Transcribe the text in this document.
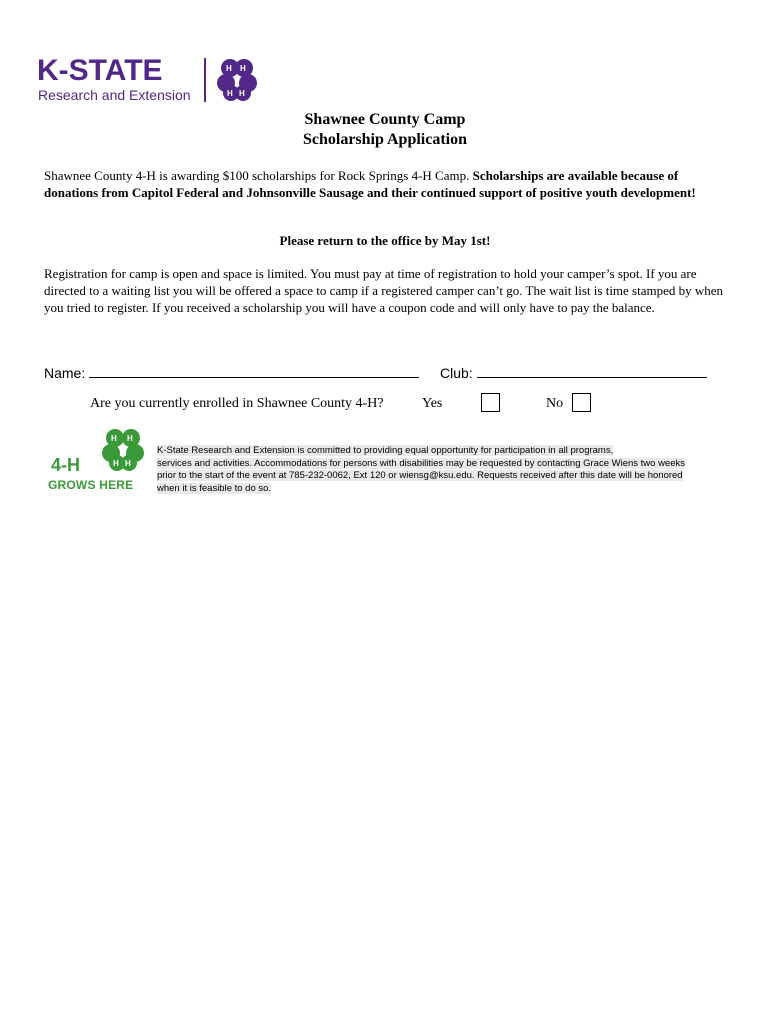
K-STATE
Research and Extension
H H
H H
Shawnee County Camp
Scholarship Application
Shawnee County 4-H is awarding $100 scholarships for Rock Springs 4-H Camp. Scholarships are available because of donations from Capitol Federal and Johnsonville Sausage and their continued support of positive youth development!
Please return to the office by May 1st!
Registration for camp is open and space is limited. You must pay at time of registration to hold your camper’s spot. If you are directed to a waiting list you will be offered a space to camp if a registered camper can’t go. The wait list is time stamped by when you tried to register. If you received a scholarship you will have a coupon code and will only have to pay the balance.
Name:	Club:
Are you currently enrolled in Shawnee County 4-H?	Yes	No
H H
H H
4-H
GROWS HERE
K-State Research and Extension is committed to providing equal opportunity for participation in all programs,
services and activities. Accommodations for persons with disabilities may be requested by contacting Grace Wiens two weeks
prior to the start of the event at 785-232-0062, Ext 120 or wiensg@ksu.edu. Requests received after this date will be honored
when it is feasible to do so.
